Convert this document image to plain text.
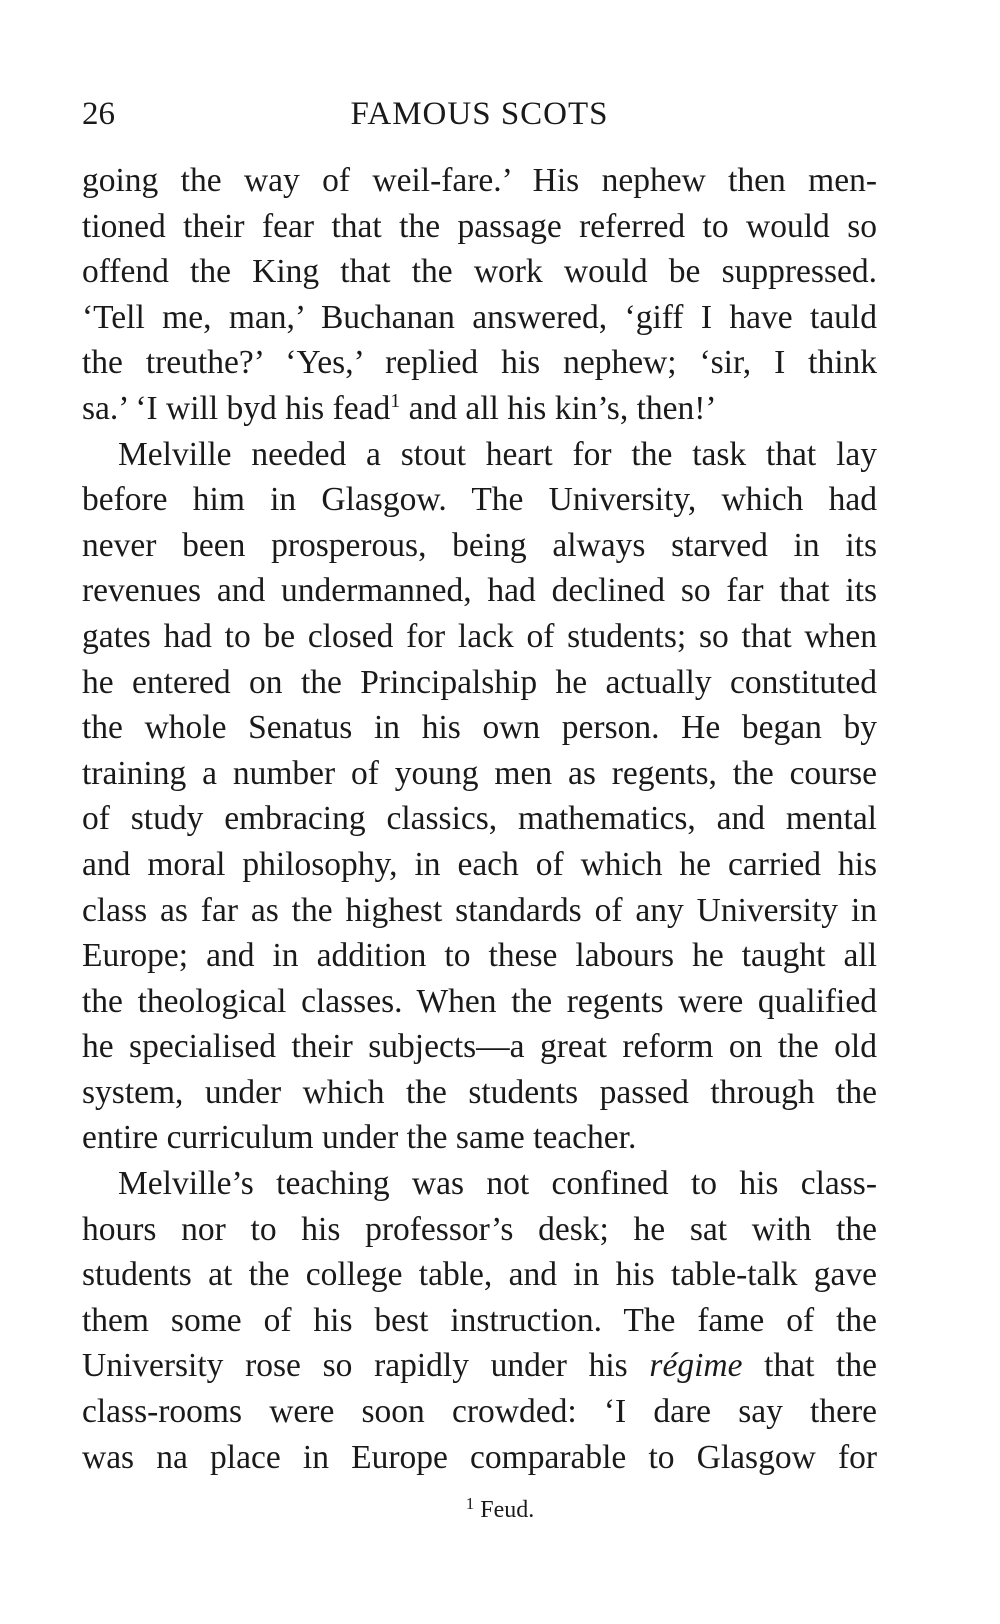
26	FAMOUS SCOTS
going the way of weil-fare.’ His nephew then men-
tioned their fear that the passage referred to would so
offend the King that the work would be suppressed.
‘Tell me, man,’ Buchanan answered, ‘giff I have tauld
the treuthe?’ ‘Yes,’ replied his nephew; ‘sir, I think
sa.’ ‘I will byd his fead$^1$ and all his kin’s, then!’
Melville needed a stout heart for the task that lay
before him in Glasgow. The University, which had
never been prosperous, being always starved in its
revenues and undermanned, had declined so far that its
gates had to be closed for lack of students; so that when
he entered on the Principalship he actually constituted
the whole Senatus in his own person. He began by
training a number of young men as regents, the course
of study embracing classics, mathematics, and mental
and moral philosophy, in each of which he carried his
class as far as the highest standards of any University in
Europe; and in addition to these labours he taught all
the theological classes. When the regents were qualified
he specialised their subjects—a great reform on the old
system, under which the students passed through the
entire curriculum under the same teacher.
Melville’s teaching was not confined to his class-
hours nor to his professor’s desk; he sat with the
students at the college table, and in his table-talk gave
them some of his best instruction. The fame of the
University rose so rapidly under his régime that the
class-rooms were soon crowded: ‘I dare say there
was na place in Europe comparable to Glasgow for
$^1$ Feud.
